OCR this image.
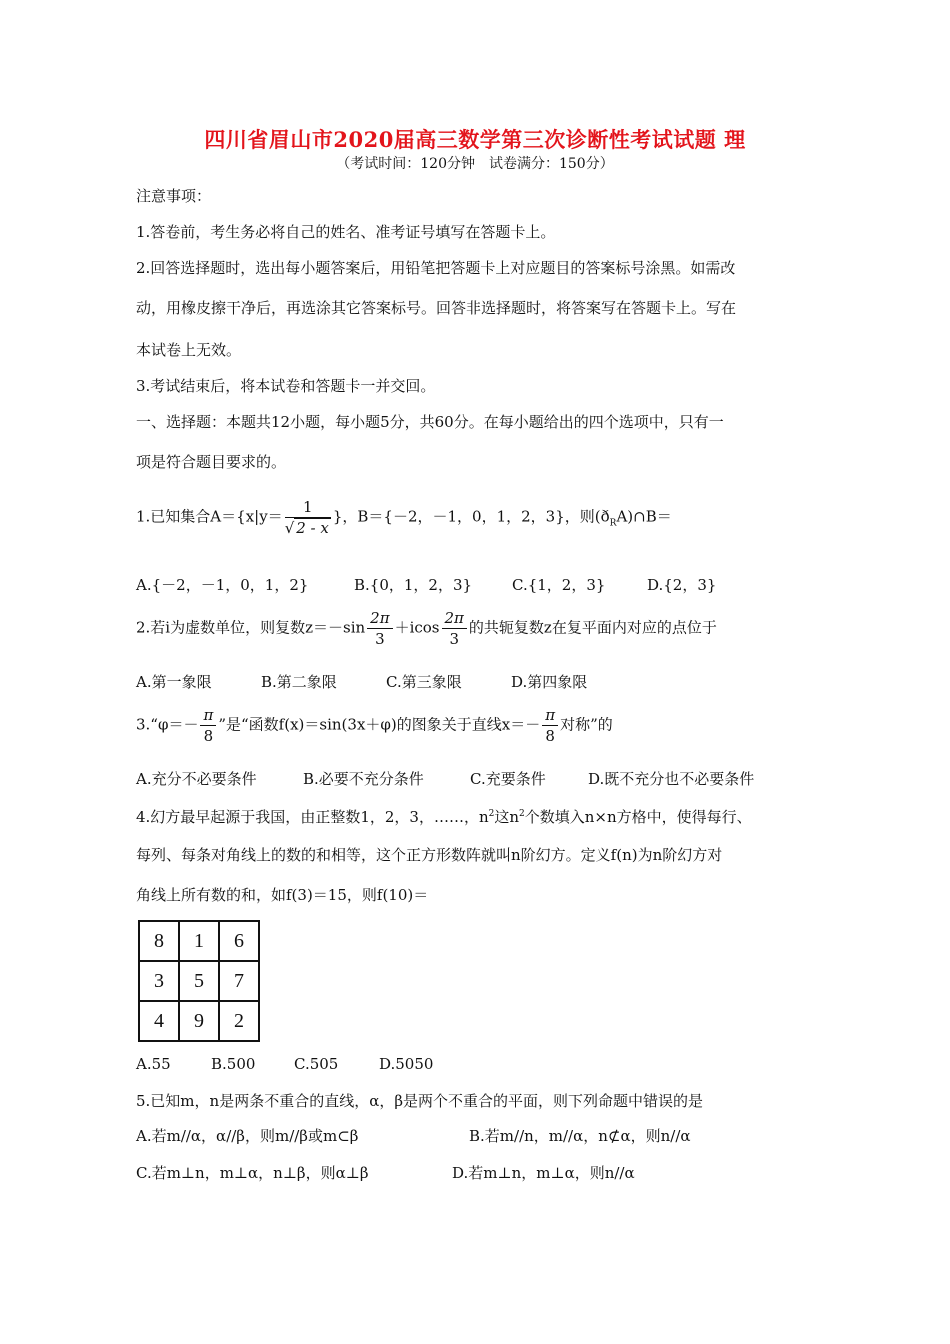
四川省眉山市2020届高三数学第三次诊断性考试试题 理
（考试时间：120分钟　试卷满分：150分）
注意事项：
1.答卷前，考生务必将自己的姓名、准考证号填写在答题卡上。
2.回答选择题时，选出每小题答案后，用铅笔把答题卡上对应题目的答案标号涂黑。如需改
动，用橡皮擦干净后，再选涂其它答案标号。回答非选择题时，将答案写在答题卡上。写在
本试卷上无效。
3.考试结束后，将本试卷和答题卡一并交回。
一、选择题：本题共12小题，每小题5分，共60分。在每小题给出的四个选项中，只有一
项是符合题目要求的。
1.已知集合$A=\{x|y= \frac{1}{√ 2 - x}$ }，B＝{－2，－1，0，1，2，3}，则$(ð_RA)\cap B=$
A.{－2，－1，0，1，2}	B.{0，1，2，3}	C.{1，2，3}	D.{2，3}
2.若i为虚数单位，则复数$z=-\sin \frac{2\pi}{3} +icos \frac{2\pi}{3}$ 的共轭复数z在复平面内对应的点位于
A.第一象限	B.第二象限	C.第三象限	D.第四象限
3.“φ＝－ $\frac{\pi}{8}$ ”是“函数f(x)＝sin(3x＋φ)的图象关于直线$x=- \frac{\pi}{8}$ 对称”的
A.充分不必要条件	B.必要不充分条件	C.充要条件	D.既不充分也不必要条件
4.幻方最早起源于我国，由正整数1，2，3，……，$n^2$这$n^2$个数填入n×n方格中，使得每行、
每列、每条对角线上的数的和相等，这个正方形数阵就叫n阶幻方。定义f(n)为n阶幻方对
角线上所有数的和，如f(3)＝15，则f(10)＝
8	1	6
3	5	7
4	9	2
A.55	B.500	C.505	D.5050
5.已知m，n是两条不重合的直线，α，β是两个不重合的平面，则下列命题中错误的是
A.若m//α，α//β，则m//β或m⊂β	B.若m//n，m//α，n⊄α，则n//α
C.若m⊥n，m⊥α，n⊥β，则α⊥β	D.若m⊥n，m⊥α，则n//α
